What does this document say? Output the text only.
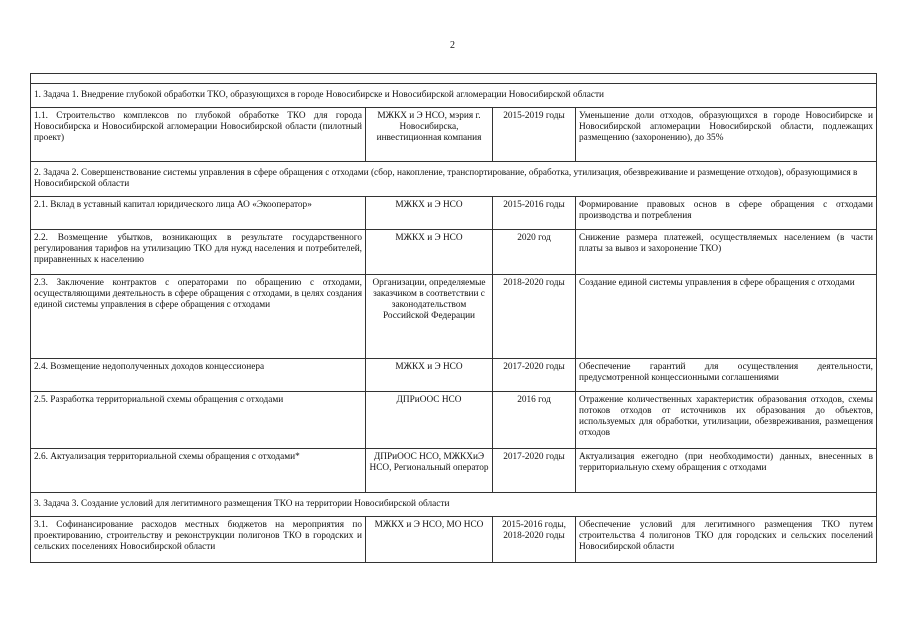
2

1. Задача 1. Внедрение глубокой обработки ТКО, образующихся в городе Новосибирске и Новосибирской агломерации Новосибирской области			
1.1. Строительство комплексов по глубокой обработке ТКО для города Новосибирска и Новосибирской агломерации Новосибирской области (пилотный проект)	МЖКХ и Э НСО, мэрия г. Новосибирска, инвестиционная компания	2015-2019 годы	Уменьшение доли отходов, образующихся в городе Новосибирске и Новосибирской агломерации Новосибирской области, подлежащих размещению (захоронению), до 35%
2. Задача 2. Совершенствование системы управления в сфере обращения с отходами (сбор, накопление, транспортирование, обработка, утилизация, обезвреживание и размещение отходов), образующимися в Новосибирской области			
2.1. Вклад в уставный капитал юридического лица АО «Экооператор»	МЖКХ и Э НСО	2015-2016 годы	Формирование правовых основ в сфере обращения с отходами производства и потребления
2.2. Возмещение убытков, возникающих в результате государственного регулирования тарифов на утилизацию ТКО для нужд населения и потребителей, приравненных к населению	МЖКХ и Э НСО	2020 год	Снижение размера платежей, осуществляемых населением (в части платы за вывоз и захоронение ТКО)
2.3. Заключение контрактов с операторами по обращению с отходами, осуществляющими деятельность в сфере обращения с отходами, в целях создания единой системы управления в сфере обращения с отходами	Организации, определяемые заказчиком в соответствии с законодательством Российской Федерации	2018-2020 годы	Создание единой системы управления в сфере обращения с отходами
2.4. Возмещение недополученных доходов концессионера	МЖКХ и Э НСО	2017-2020 годы	Обеспечение гарантий для осуществления деятельности, предусмотренной концессионными соглашениями
2.5. Разработка территориальной схемы обращения с отходами	ДПРиООС НСО	2016 год	Отражение количественных характеристик образования отходов, схемы потоков отходов от источников их образования до объектов, используемых для обработки, утилизации, обезвреживания, размещения отходов
2.6. Актуализация территориальной схемы обращения с отходами*	ДПРиООС НСО, МЖКХиЭ НСО, Региональный оператор	2017-2020 годы	Актуализация ежегодно (при необходимости) данных, внесенных в территориальную схему обращения с отходами
3. Задача 3. Создание условий для легитимного размещения ТКО на территории Новосибирской области			
3.1. Софинансирование расходов местных бюджетов на мероприятия по проектированию, строительству и реконструкции полигонов ТКО в городских и сельских поселениях Новосибирской области	МЖКХ и Э НСО, МО НСО	2015-2016 годы, 2018-2020 годы	Обеспечение условий для легитимного размещения ТКО путем строительства 4 полигонов ТКО для городских и сельских поселений Новосибирской области
